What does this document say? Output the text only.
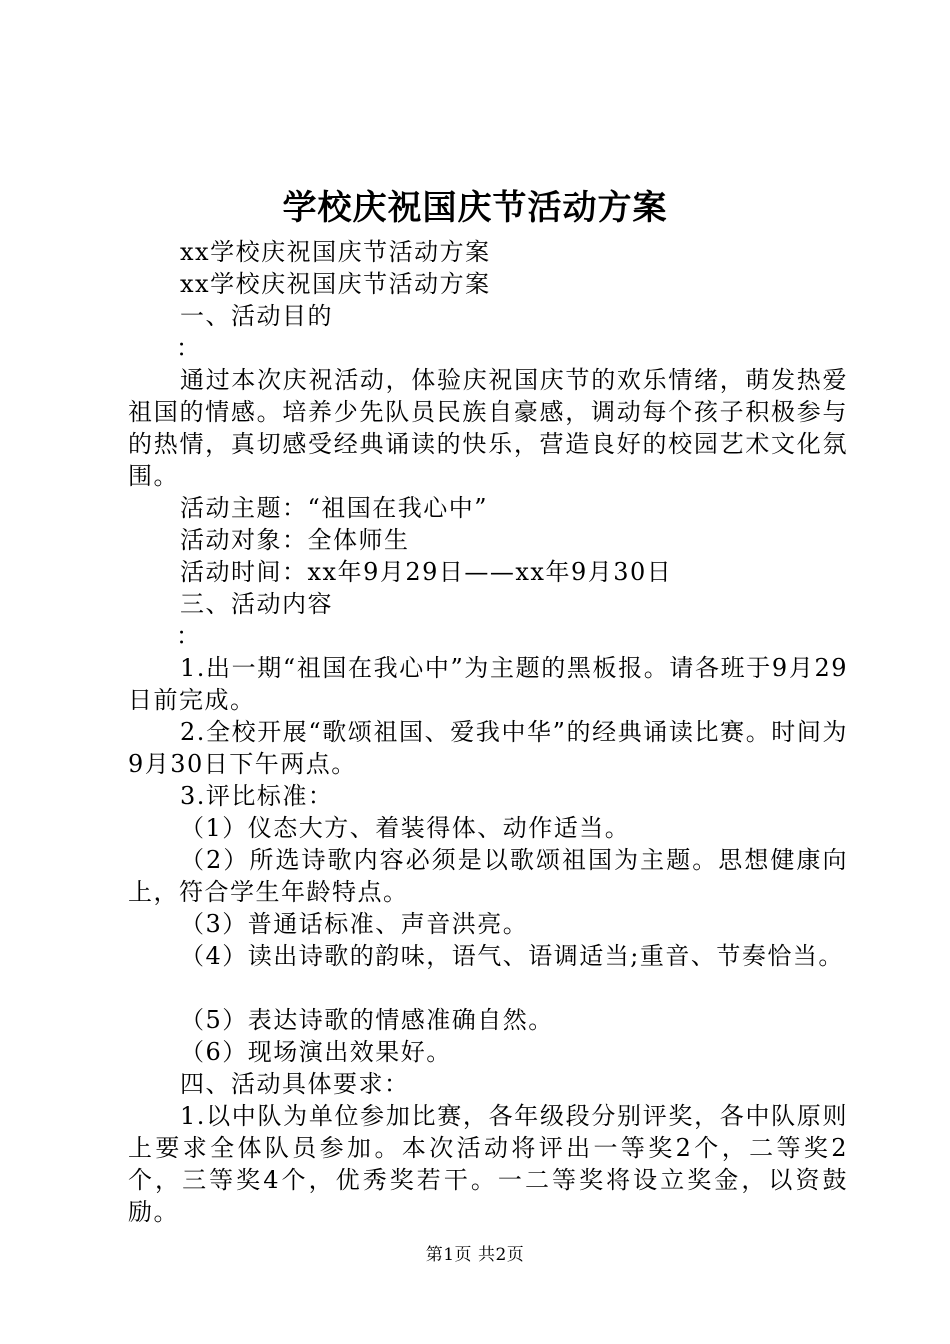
学校庆祝国庆节活动方案
xx学校庆祝国庆节活动方案
xx学校庆祝国庆节活动方案
一、活动目的
：
通过本次庆祝活动，体验庆祝国庆节的欢乐情绪，萌发热爱祖国的情感。培养少先队员民族自豪感，调动每个孩子积极参与的热情，真切感受经典诵读的快乐，营造良好的校园艺术文化氛围。
活动主题：“祖国在我心中”
活动对象：全体师生
活动时间：xx年9月29日——xx年9月30日
三、活动内容
：
1.出一期“祖国在我心中”为主题的黑板报。请各班于9月29日前完成。
2.全校开展“歌颂祖国、爱我中华”的经典诵读比赛。时间为9月30日下午两点。
3.评比标准：
（1）仪态大方、着装得体、动作适当。
（2）所选诗歌内容必须是以歌颂祖国为主题。思想健康向上，符合学生年龄特点。
（3）普通话标准、声音洪亮。
（4）读出诗歌的韵味，语气、语调适当;重音、节奏恰当。
（5）表达诗歌的情感准确自然。
（6）现场演出效果好。
四、活动具体要求：
1.以中队为单位参加比赛，各年级段分别评奖，各中队原则上要求全体队员参加。本次活动将评出一等奖2个，二等奖2个，三等奖4个，优秀奖若干。一二等奖将设立奖金，以资鼓励。
第1页 共2页
